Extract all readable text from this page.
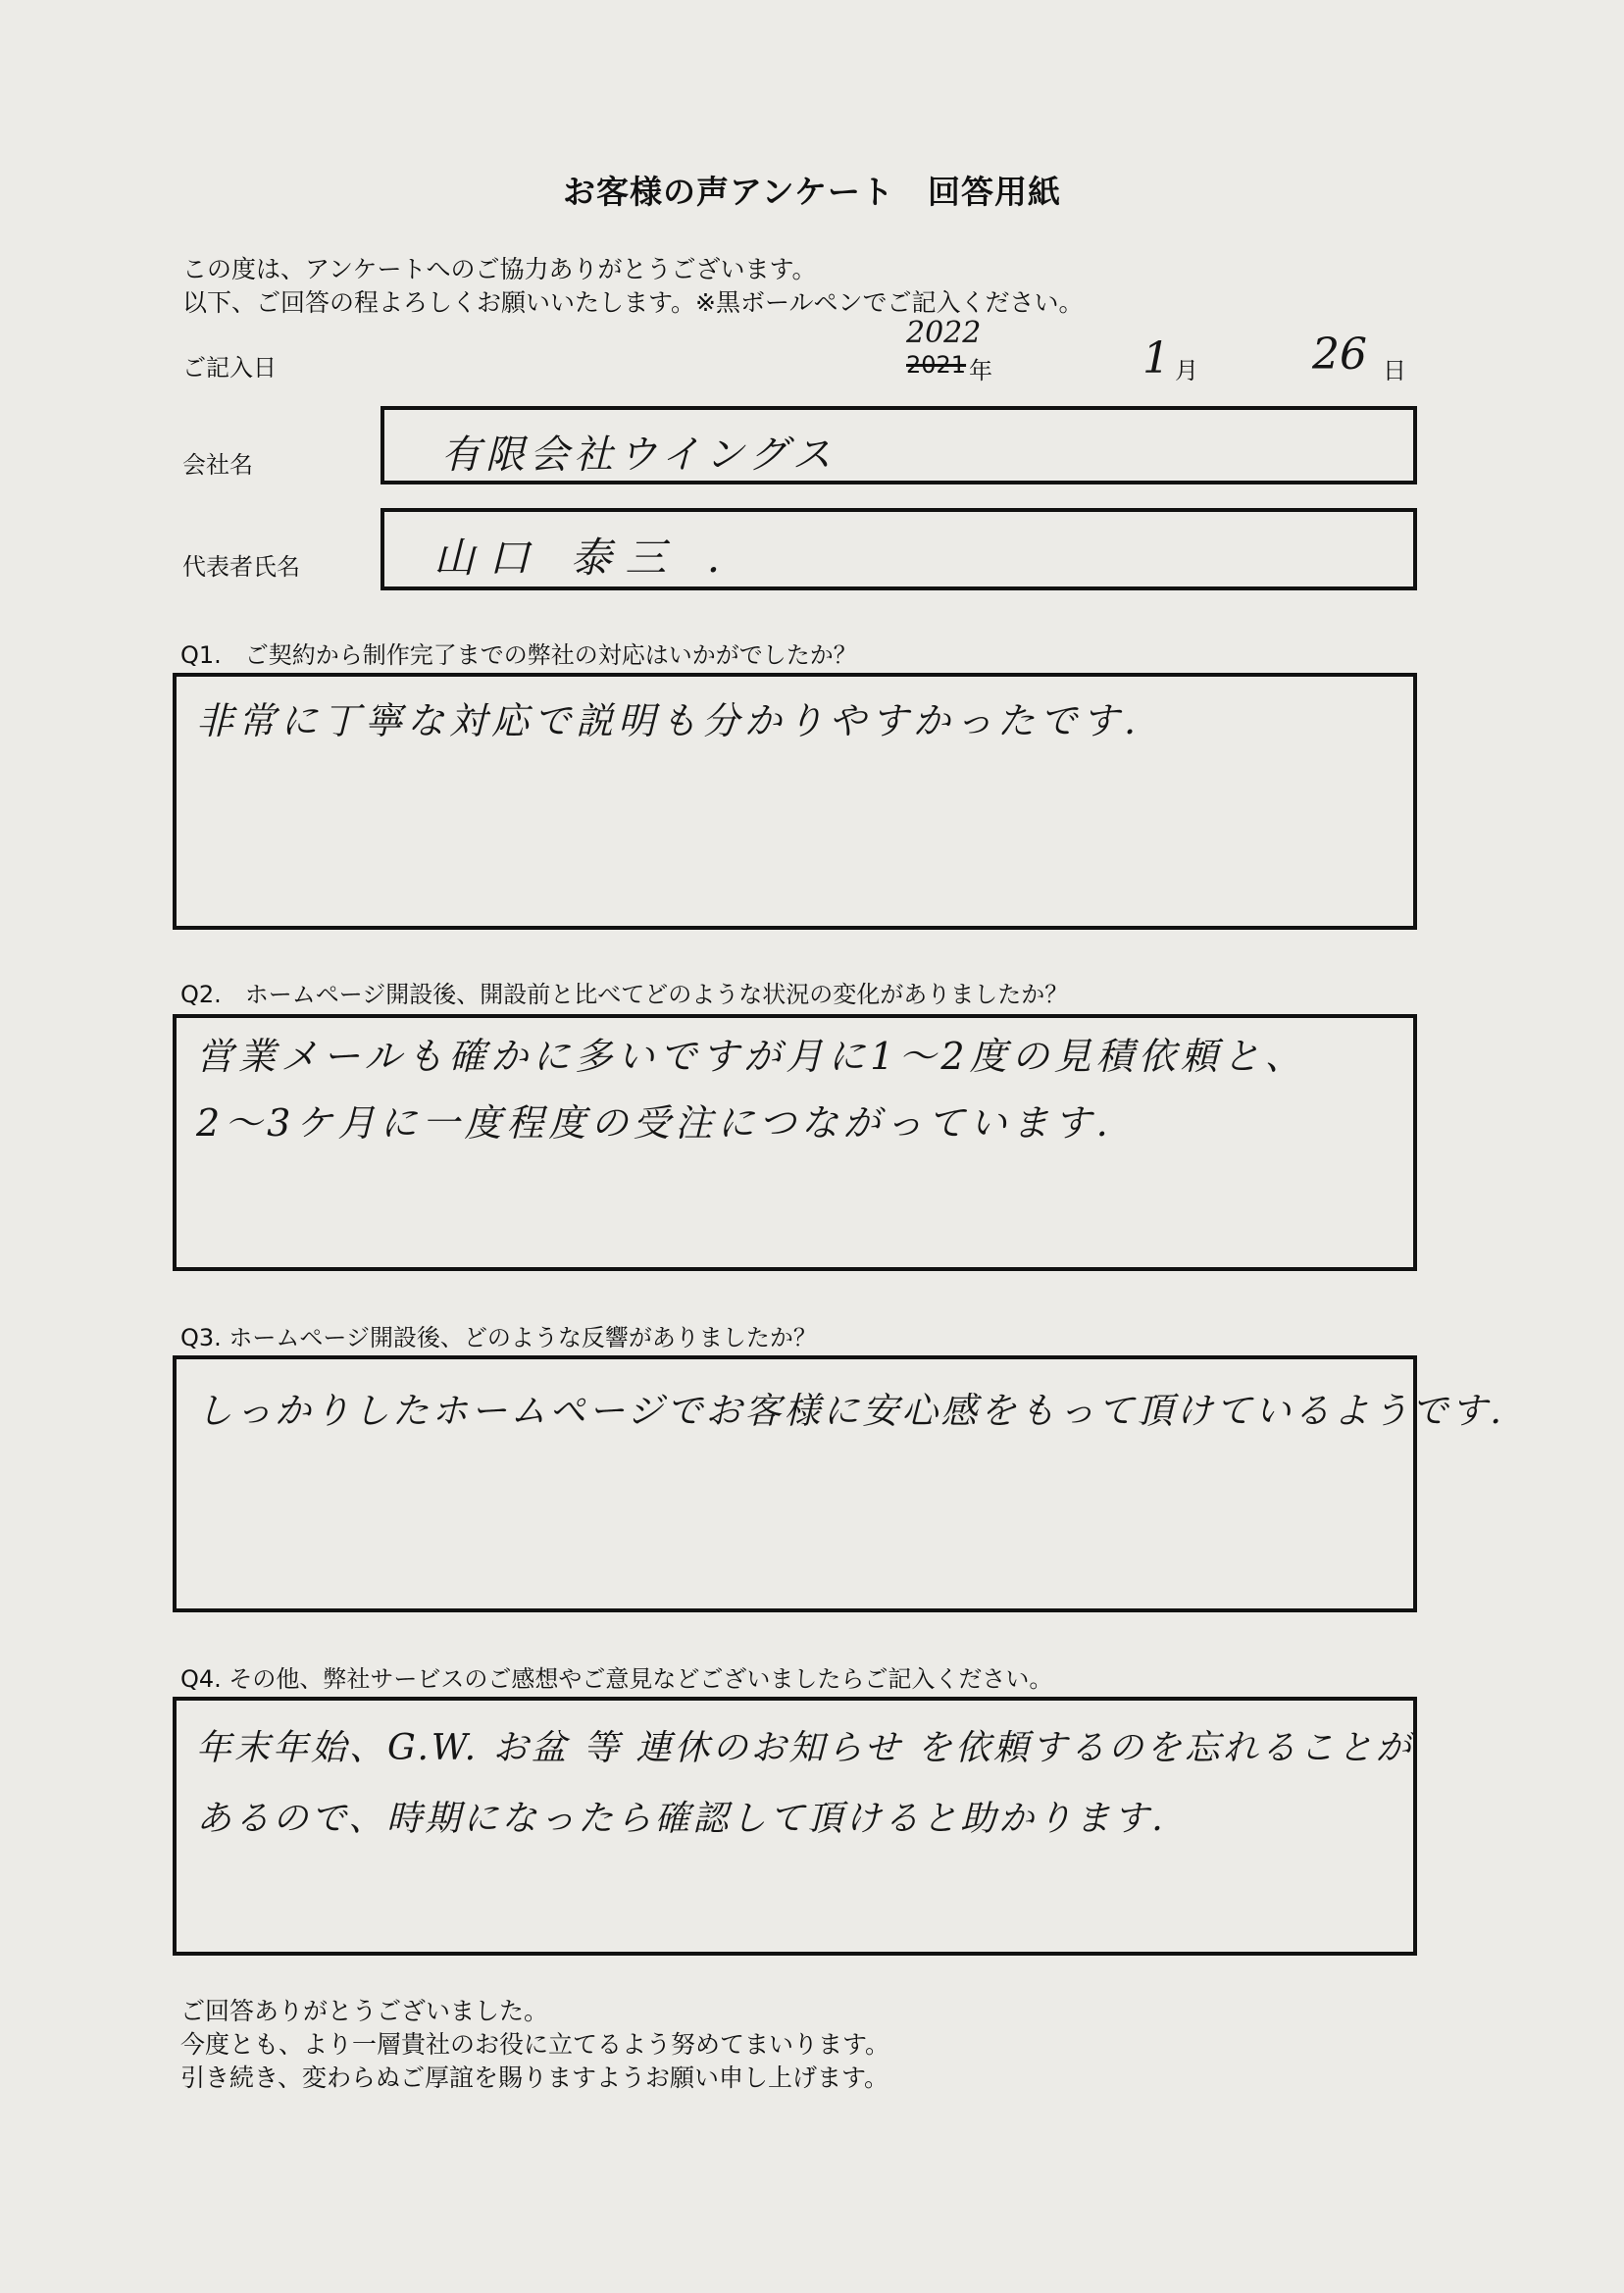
お客様の声アンケート　回答用紙
この度は、アンケートへのご協力ありがとうございます。
以下、ご回答の程よろしくお願いいたします。※黒ボールペンでご記入ください。
ご記入日
2022
2021 年	1 月	26 日
会社名	有限会社ウイングス
代表者氏名	山口 泰三 .
Q1.　ご契約から制作完了までの弊社の対応はいかがでしたか？
非常に丁寧な対応で説明も分かりやすかったです.
Q2.　ホームページ開設後、開設前と比べてどのような状況の変化がありましたか？
営業メールも確かに多いですが月に1〜2度の見積依頼と、
2〜3ケ月に一度程度の受注につながっています.
Q3. ホームページ開設後、どのような反響がありましたか？
しっかりしたホームページでお客様に安心感をもって頂けているようです.
Q4. その他、弊社サービスのご感想やご意見などございましたらご記入ください。
年末年始、G.W. お盆 等 連休のお知らせ を依頼するのを忘れることが
あるので、時期になったら確認して頂けると助かります.
ご回答ありがとうございました。
今度とも、より一層貴社のお役に立てるよう努めてまいります。
引き続き、変わらぬご厚誼を賜りますようお願い申し上げます。
